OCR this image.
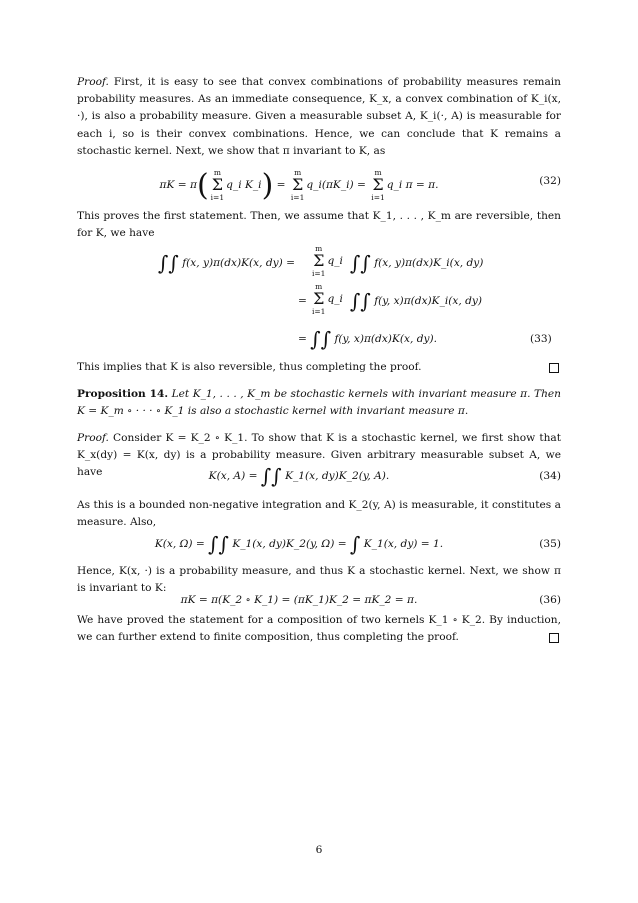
Proof. First, it is easy to see that convex combinations of probability measures remain probability measures. As an immediate consequence, K_x, a convex combination of K_i(x, ·), is also a probability measure. Given a measurable subset A, K_i(·, A) is measurable for each i, so is their convex combinations. Hence, we can conclude that K remains a stochastic kernel. Next, we show that π invariant to K, as

πK = π( m
Σ
i=1
q_i K_i) =
m
Σ
i=1
q_i(πK_i) =
m
Σ
i=1
q_i π = π.	(32)

This proves the first statement. Then, we assume that K_1, . . . , K_m are reversible, then for K, we have

∫∫ f(x, y)π(dx)K(x, dy) =
m
Σ
i=1
q_i ∫∫ f(x, y)π(dx)K_i(x, dy)
=
m
Σ
i=1
q_i ∫∫ f(y, x)π(dx)K_i(x, dy)
= ∫∫ f(y, x)π(dx)K(x, dy).	(33)

This implies that K is also reversible, thus completing the proof.

Proposition 14. Let K_1, . . . , K_m be stochastic kernels with invariant measure π. Then K = K_m ∘ · · · ∘ K_1 is also a stochastic kernel with invariant measure π.

Proof. Consider K = K_2 ∘ K_1. To show that K is a stochastic kernel, we first show that K_x(dy) = K(x, dy) is a probability measure. Given arbitrary measurable subset A, we have	K(x, A) = ∫∫ K_1(x, dy)K_2(y, A).	(34)

As this is a bounded non-negative integration and K_2(y, A) is measurable, it constitutes a measure. Also,

K(x, Ω) = ∫∫ K_1(x, dy)K_2(y, Ω) = ∫ K_1(x, dy) = 1.	(35)

Hence, K(x, ·) is a probability measure, and thus K a stochastic kernel. Next, we show π is invariant to K:

πK = π(K_2 ∘ K_1) = (πK_1)K_2 = πK_2 = π.	(36)

We have proved the statement for a composition of two kernels K_1 ∘ K_2. By induction, we can further extend to finite composition, thus completing the proof.

6
